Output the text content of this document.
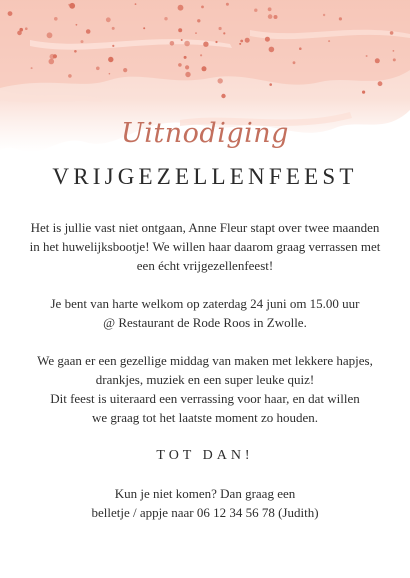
Uitnodiging
VRIJGEZELLENFEEST

Het is jullie vast niet ontgaan, Anne Fleur stapt over twee maanden
in het huwelijksbootje! We willen haar daarom graag verrassen met
een écht vrijgezellenfeest!

Je bent van harte welkom op zaterdag 24 juni om 15.00 uur
@ Restaurant de Rode Roos in Zwolle.

We gaan er een gezellige middag van maken met lekkere hapjes,
drankjes, muziek en een super leuke quiz!
Dit feest is uiteraard een verrassing voor haar, en dat willen
we graag tot het laatste moment zo houden.

TOT DAN!

Kun je niet komen? Dan graag een
belletje / appje naar 06 12 34 56 78 (Judith)
